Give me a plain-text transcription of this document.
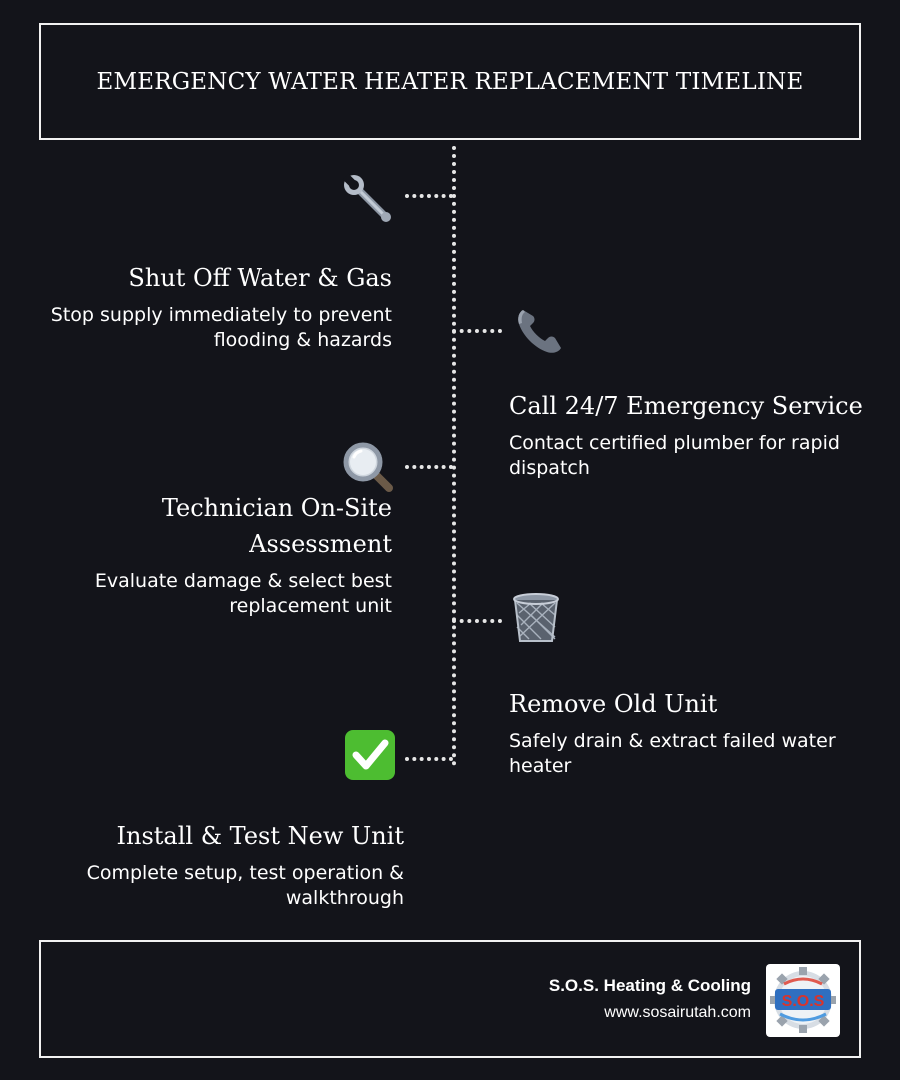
EMERGENCY WATER HEATER REPLACEMENT TIMELINE
Shut Off Water & Gas
Stop supply immediately to prevent flooding & hazards
Call 24/7 Emergency Service
Contact certified plumber for rapid dispatch
Technician On-Site Assessment
Evaluate damage & select best replacement unit
Remove Old Unit
Safely drain & extract failed water heater
Install & Test New Unit
Complete setup, test operation & walkthrough
S.O.S. Heating & Cooling
www.sosairutah.com
S.O.S
